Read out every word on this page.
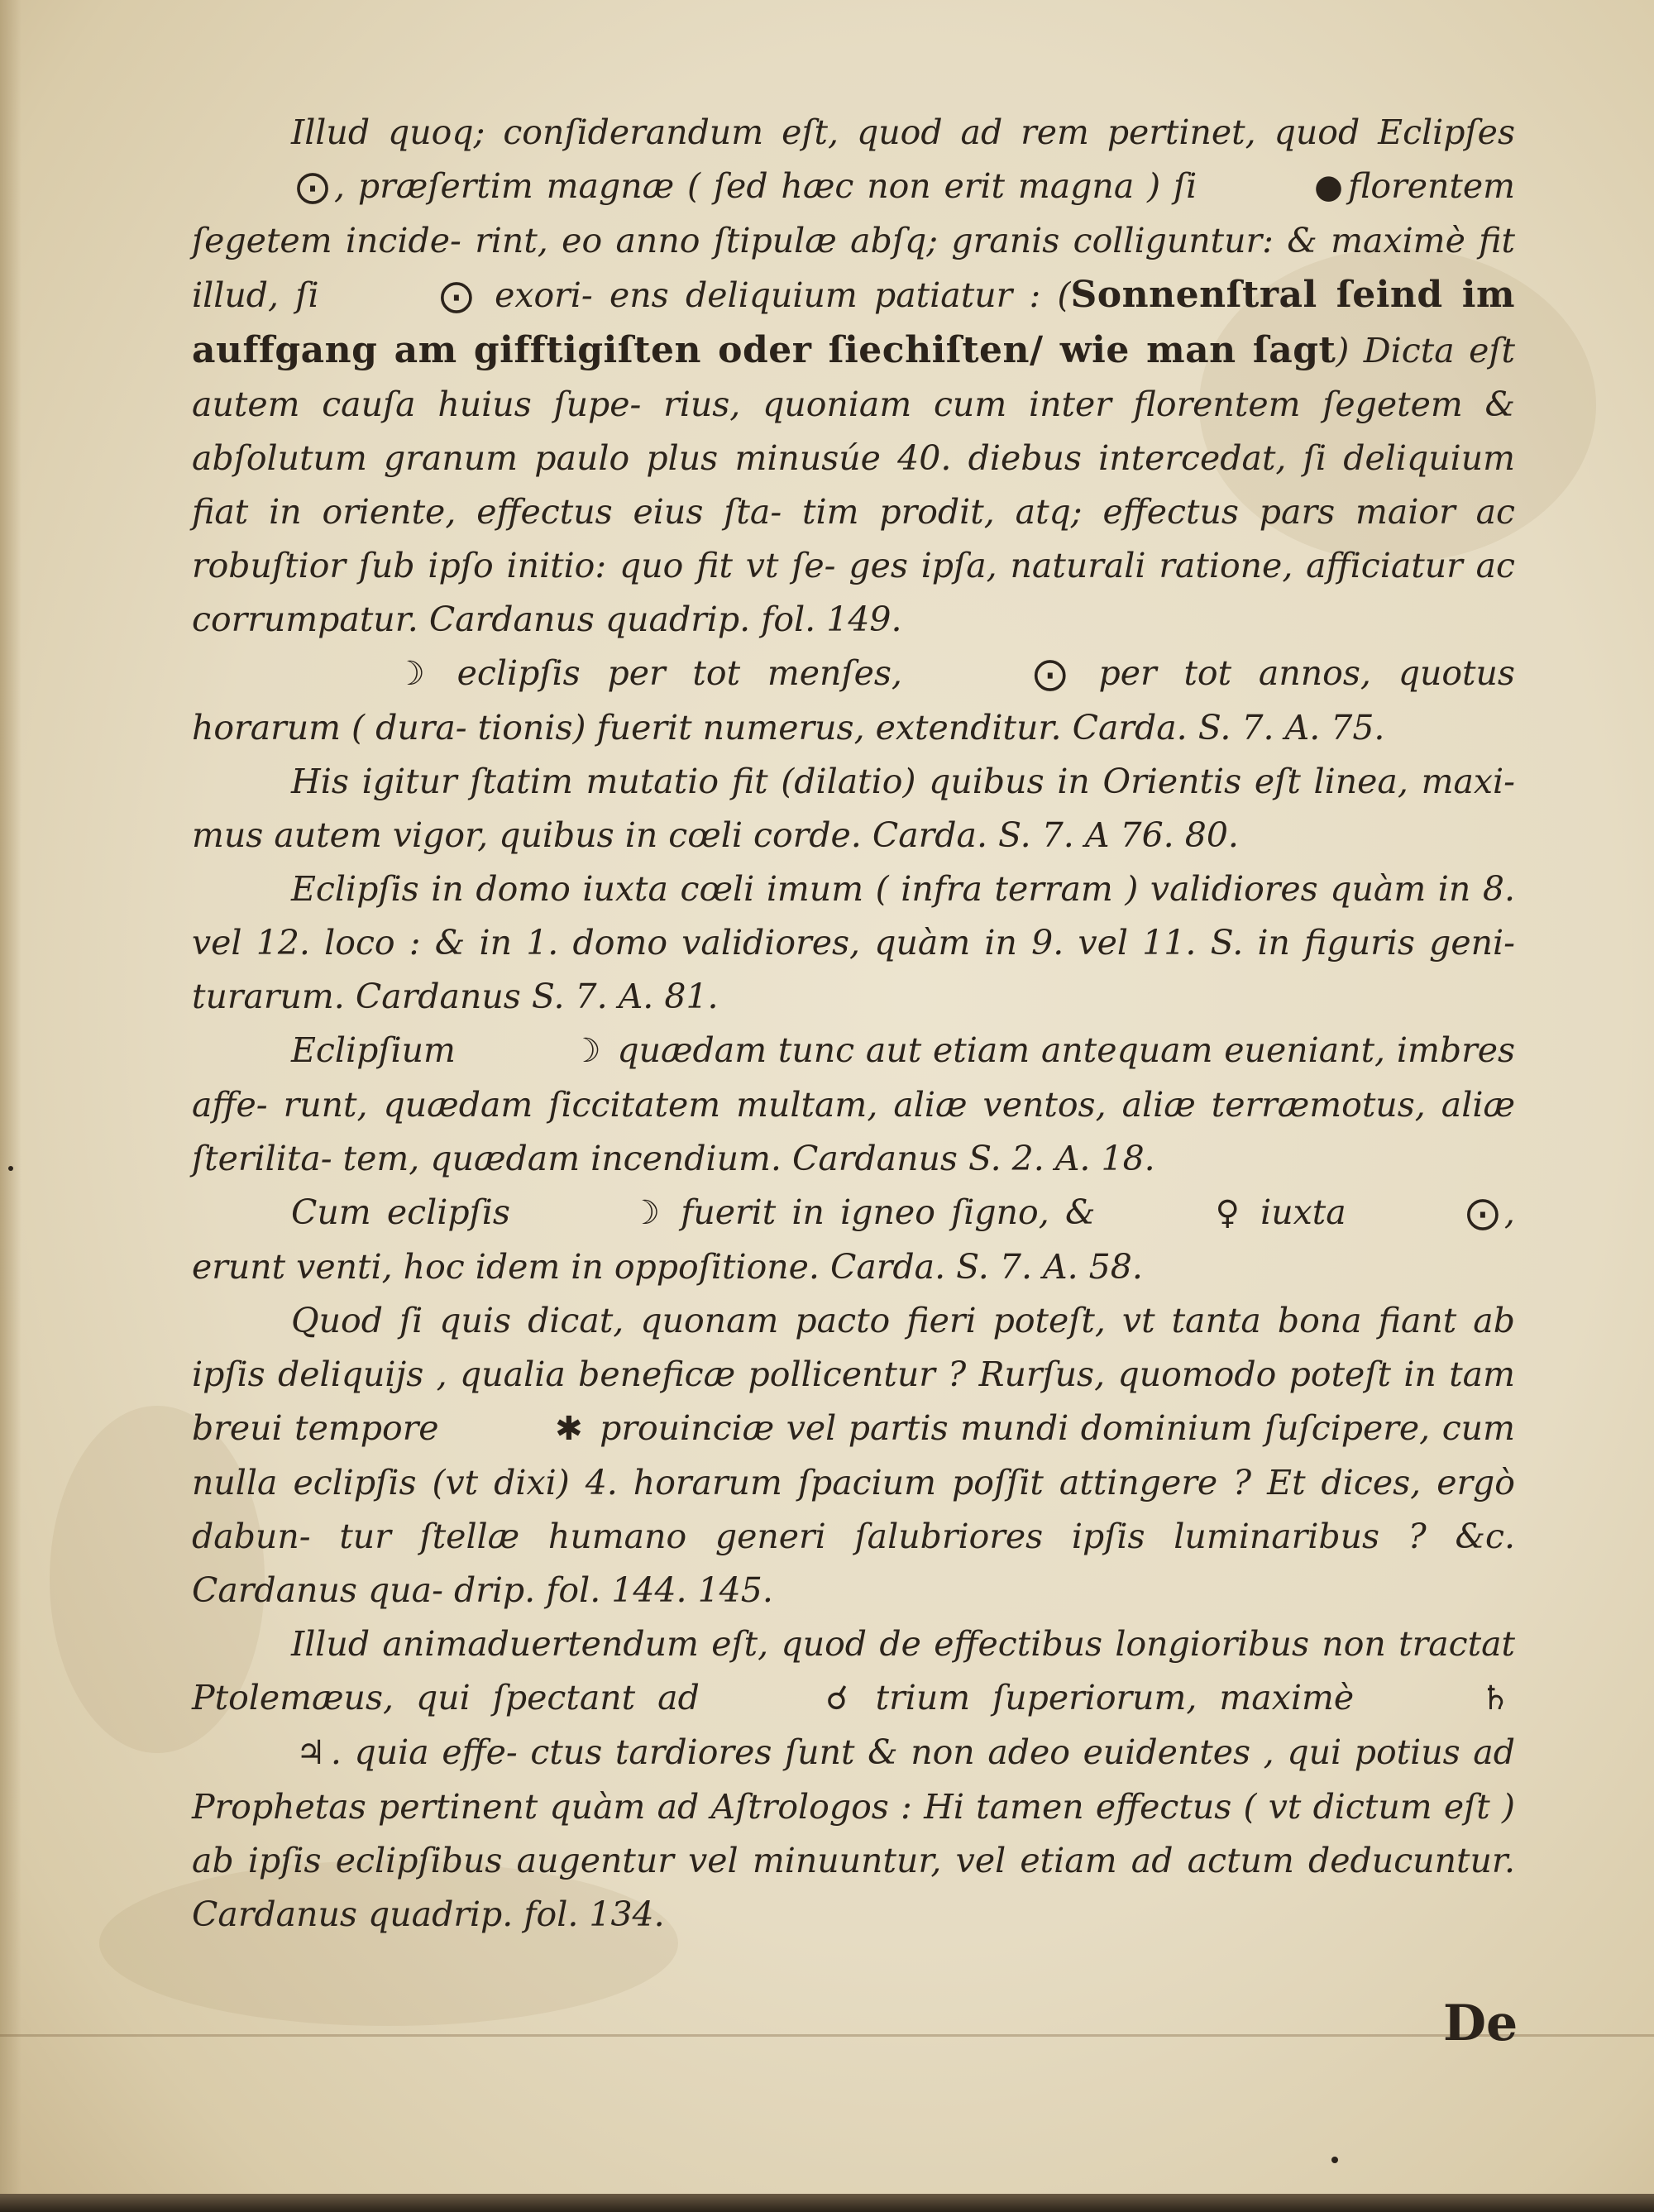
Illud quoq; conſiderandum eſt, quod ad rem pertinet, quod Eclipſes ⨀ , præſertim magnæ ( ſed hæc non erit magna ) ſi	● florentem ſegetem incide- rint, eo anno ſtipulæ abſq; granis colliguntur: & maximè fit illud, ſi	⨀ exori- ens deliquium patiatur : (Sonnenſtral ſeind im auffgang am gifftigiſten oder ſiechiſten/ wie man ſagt) Dicta eſt autem cauſa huius ſupe- rius, quoniam cum inter florentem ſegetem & abſolutum granum paulo plus minusúe 40. diebus intercedat, ſi deliquium fiat in oriente, effectus eius ſta- tim prodit, atq; effectus pars maior ac robuſtior ſub ipſo initio: quo fit vt ſe- ges ipſa, naturali ratione, afficiatur ac corrumpatur. Cardanus quadrip. fol. 149.

☽ eclipſis per tot menſes,	⨀ per tot annos, quotus horarum ( dura- tionis) fuerit numerus, extenditur. Carda. S. 7. A. 75.

His igitur ſtatim mutatio fit (dilatio) quibus in Orientis eſt linea, maxi- mus autem vigor, quibus in cœli corde. Carda. S. 7. A 76. 80.

Eclipſis in domo iuxta cœli imum ( infra terram ) validiores quàm in 8. vel 12. loco : & in 1. domo validiores, quàm in 9. vel 11. S. in figuris geni- turarum. Cardanus S. 7. A. 81.

Eclipſium	☽ quædam tunc aut etiam antequam eueniant, imbres affe- runt, quædam ſiccitatem multam, aliæ ventos, aliæ terræmotus, aliæ ſterilita- tem, quædam incendium. Cardanus S. 2. A. 18.

Cum eclipſis	☽ fuerit in igneo ſigno, &	♀ iuxta	⨀ , erunt venti, hoc idem in oppoſitione. Carda. S. 7. A. 58.

Quod ſi quis dicat, quonam pacto fieri poteſt, vt tanta bona fiant ab ipſis deliquijs , qualia beneficæ pollicentur ? Rurſus, quomodo poteſt in tam breui tempore	✱ prouinciæ vel partis mundi dominium ſuſcipere, cum nulla eclipſis (vt dixi) 4. horarum ſpacium poſſit attingere ? Et dices, ergò dabun- tur ſtellæ humano generi ſalubriores ipſis luminaribus ? &c. Cardanus qua- drip. fol. 144. 145.

Illud animaduertendum eſt, quod de effectibus longioribus non tractat Ptolemæus, qui ſpectant ad	☌ trium ſuperiorum, maximè	♄♃ . quia effe- ctus tardiores ſunt & non adeo euidentes , qui potius ad Prophetas pertinent quàm ad Aſtrologos : Hi tamen effectus ( vt dictum eſt ) ab ipſis eclipſibus augentur vel minuuntur, vel etiam ad actum deducuntur. Cardanus quadrip. fol. 134.

De
